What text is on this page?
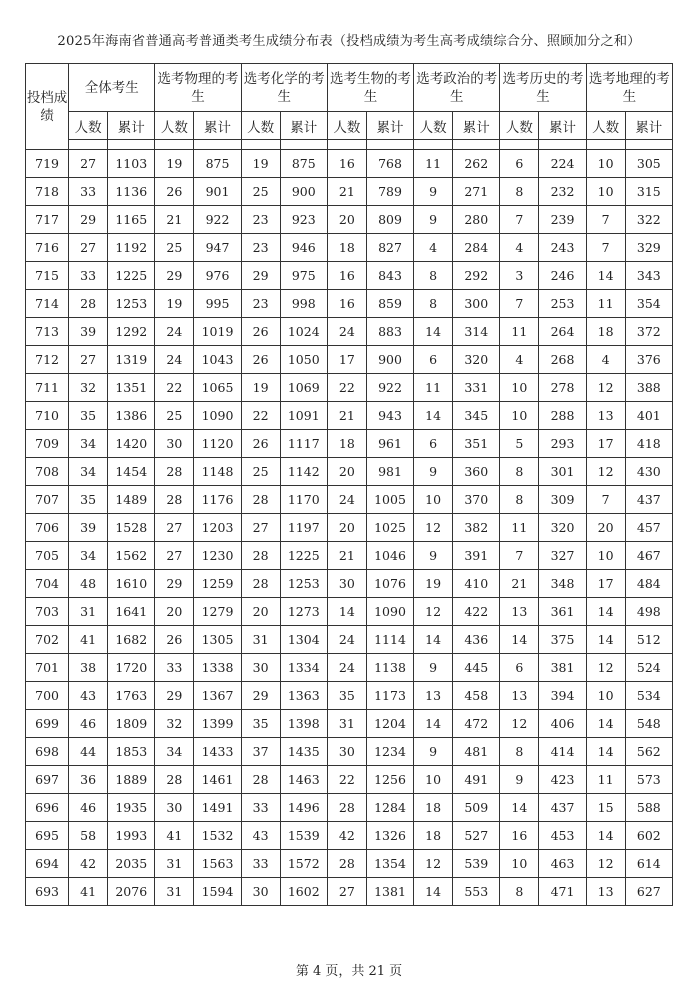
2025年海南省普通高考普通类考生成绩分布表（投档成绩为考生高考成绩综合分、照顾加分之和）
投档成绩	全体考生		选考物理的考生		选考化学的考生		选考生物的考生		选考政治的考生		选考历史的考生		选考地理的考生	
	人数	累计	人数	累计	人数	累计	人数	累计	人数	累计	人数	累计	人数	累计

719	27	1103	19	875	19	875	16	768	11	262	6	224	10	305
718	33	1136	26	901	25	900	21	789	9	271	8	232	10	315
717	29	1165	21	922	23	923	20	809	9	280	7	239	7	322
716	27	1192	25	947	23	946	18	827	4	284	4	243	7	329
715	33	1225	29	976	29	975	16	843	8	292	3	246	14	343
714	28	1253	19	995	23	998	16	859	8	300	7	253	11	354
713	39	1292	24	1019	26	1024	24	883	14	314	11	264	18	372
712	27	1319	24	1043	26	1050	17	900	6	320	4	268	4	376
711	32	1351	22	1065	19	1069	22	922	11	331	10	278	12	388
710	35	1386	25	1090	22	1091	21	943	14	345	10	288	13	401
709	34	1420	30	1120	26	1117	18	961	6	351	5	293	17	418
708	34	1454	28	1148	25	1142	20	981	9	360	8	301	12	430
707	35	1489	28	1176	28	1170	24	1005	10	370	8	309	7	437
706	39	1528	27	1203	27	1197	20	1025	12	382	11	320	20	457
705	34	1562	27	1230	28	1225	21	1046	9	391	7	327	10	467
704	48	1610	29	1259	28	1253	30	1076	19	410	21	348	17	484
703	31	1641	20	1279	20	1273	14	1090	12	422	13	361	14	498
702	41	1682	26	1305	31	1304	24	1114	14	436	14	375	14	512
701	38	1720	33	1338	30	1334	24	1138	9	445	6	381	12	524
700	43	1763	29	1367	29	1363	35	1173	13	458	13	394	10	534
699	46	1809	32	1399	35	1398	31	1204	14	472	12	406	14	548
698	44	1853	34	1433	37	1435	30	1234	9	481	8	414	14	562
697	36	1889	28	1461	28	1463	22	1256	10	491	9	423	11	573
696	46	1935	30	1491	33	1496	28	1284	18	509	14	437	15	588
695	58	1993	41	1532	43	1539	42	1326	18	527	16	453	14	602
694	42	2035	31	1563	33	1572	28	1354	12	539	10	463	12	614
693	41	2076	31	1594	30	1602	27	1381	14	553	8	471	13	627
第 4 页，共 21 页
